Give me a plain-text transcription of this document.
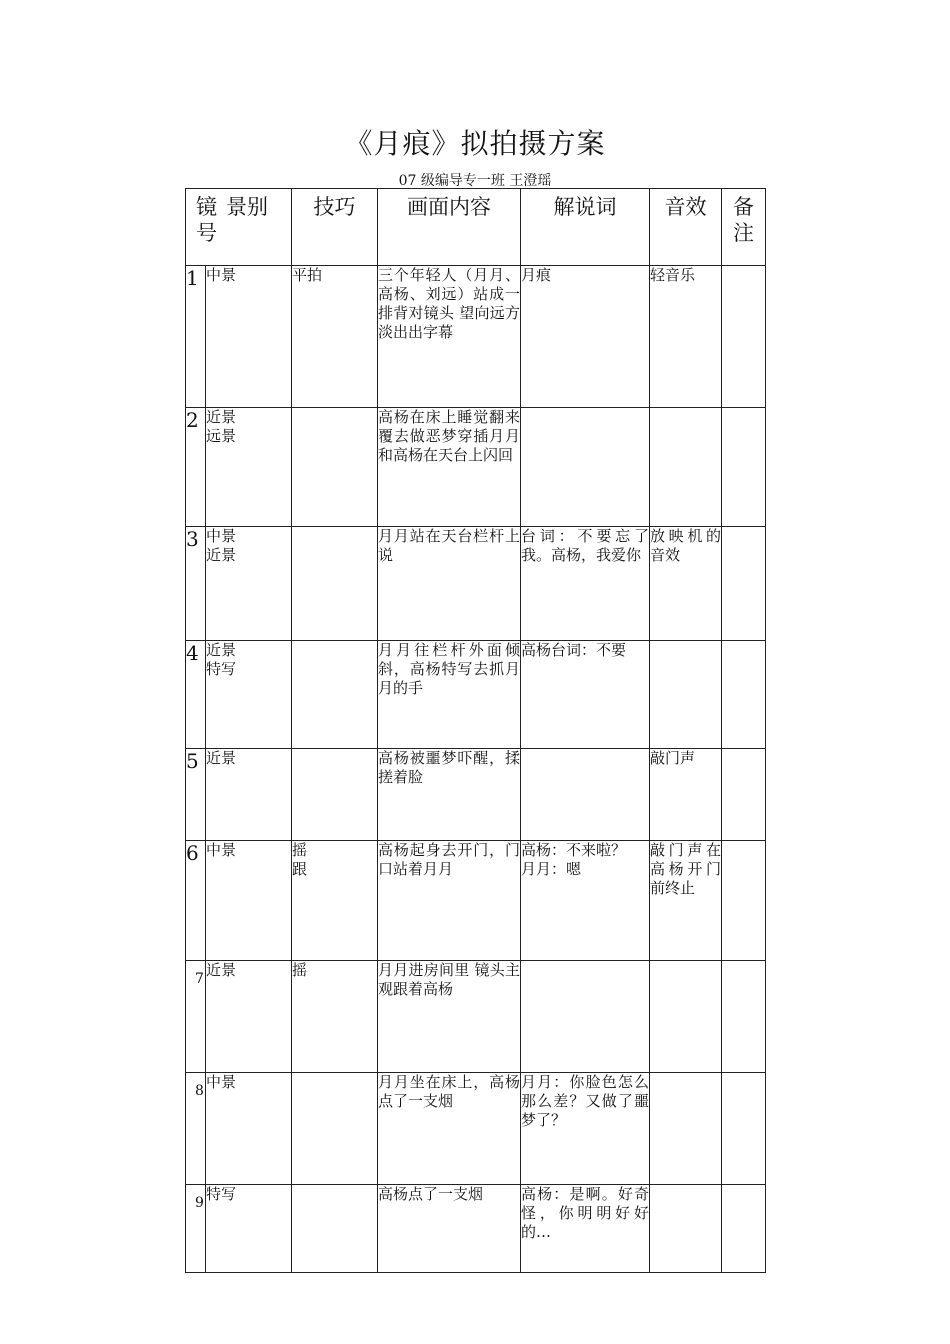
《月痕》拟拍摄方案
07 级编导专一班 王澄瑶
镜 号
景别		技巧	画面内容	解说词	音效	备 注
1	中景	平拍	三个年轻人（月月、高杨、刘远）站成一排背对镜头 望向远方 淡出出字幕	月痕	轻音乐	
2	近景
远景		高杨在床上睡觉翻来覆去做恶梦穿插月月和高杨在天台上闪回			
3	中景
近景		月月站在天台栏杆上说	台词：不要忘了我。高杨，我爱你	放映机的音效	
4	近景
特写		月月往栏杆外面倾斜，高杨特写去抓月月的手	高杨台词：不要		
5	近景		高杨被噩梦吓醒，揉搓着脸		敲门声	
6	中景	摇
跟	高杨起身去开门，门口站着月月	高杨：不来啦？
月月：嗯	敲门声在高杨开门前终止	
7	近景	摇	月月进房间里 镜头主观跟着高杨			
8	中景		月月坐在床上，高杨点了一支烟	月月：你脸色怎么那么差？又做了噩梦了？		
9	特写		高杨点了一支烟	高杨：是啊。好奇怪，你明明好好的…		
